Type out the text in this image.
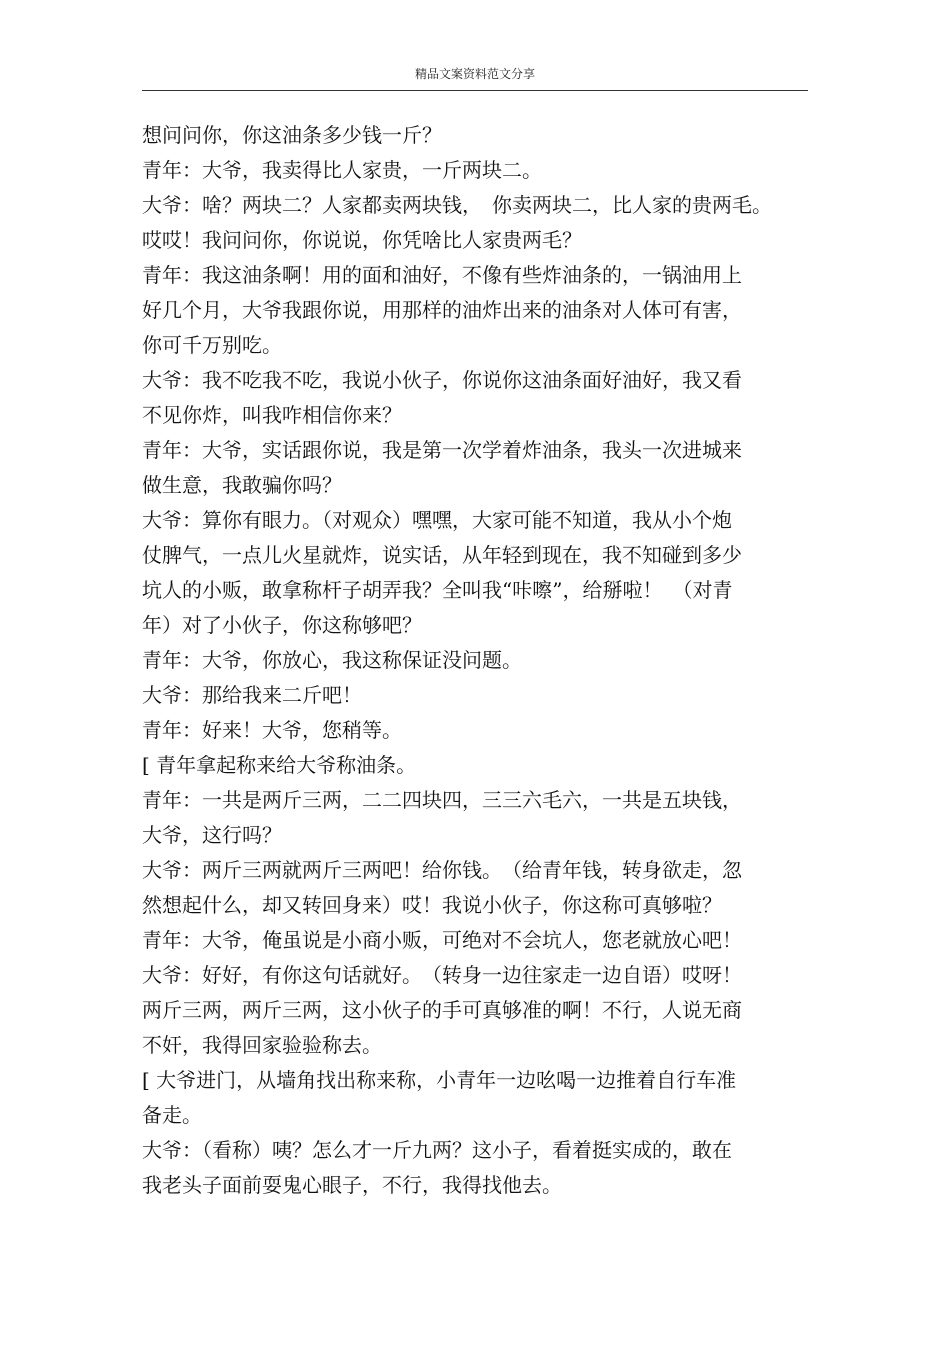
精品文案资料范文分享
想问问你，你这油条多少钱一斤？
青年：大爷，我卖得比人家贵，一斤两块二。
大爷：啥？两块二？人家都卖两块钱，　你卖两块二，比人家的贵两毛。
哎哎！我问问你，你说说，你凭啥比人家贵两毛？
青年：我这油条啊！用的面和油好，不像有些炸油条的，一锅油用上
好几个月，大爷我跟你说，用那样的油炸出来的油条对人体可有害，
你可千万别吃。
大爷：我不吃我不吃，我说小伙子，你说你这油条面好油好，我又看
不见你炸，叫我咋相信你来？
青年：大爷，实话跟你说，我是第一次学着炸油条，我头一次进城来
做生意，我敢骗你吗？
大爷：算你有眼力。（对观众）嘿嘿，大家可能不知道，我从小个炮
仗脾气，一点儿火星就炸，说实话，从年轻到现在，我不知碰到多少
坑人的小贩，敢拿称杆子胡弄我？全叫我“咔嚓”，给掰啦！　（对青
年）对了小伙子，你这称够吧？
青年：大爷，你放心，我这称保证没问题。
大爷：那给我来二斤吧！
青年：好来！大爷，您稍等。
[ 青年拿起称来给大爷称油条。
青年：一共是两斤三两，二二四块四，三三六毛六，一共是五块钱，
大爷，这行吗？
大爷：两斤三两就两斤三两吧！给你钱。　（给青年钱，转身欲走，忽
然想起什么，却又转回身来）哎！我说小伙子，你这称可真够啦？
青年：大爷，俺虽说是小商小贩，可绝对不会坑人，您老就放心吧！
大爷：好好，有你这句话就好。　（转身一边往家走一边自语）哎呀！
两斤三两，两斤三两，这小伙子的手可真够准的啊！不行，人说无商
不奸，我得回家验验称去。
[ 大爷进门，从墙角找出称来称，小青年一边吆喝一边推着自行车准
备走。
大爷：（看称）咦？怎么才一斤九两？这小子，看着挺实成的，敢在
我老头子面前耍鬼心眼子，不行，我得找他去。
